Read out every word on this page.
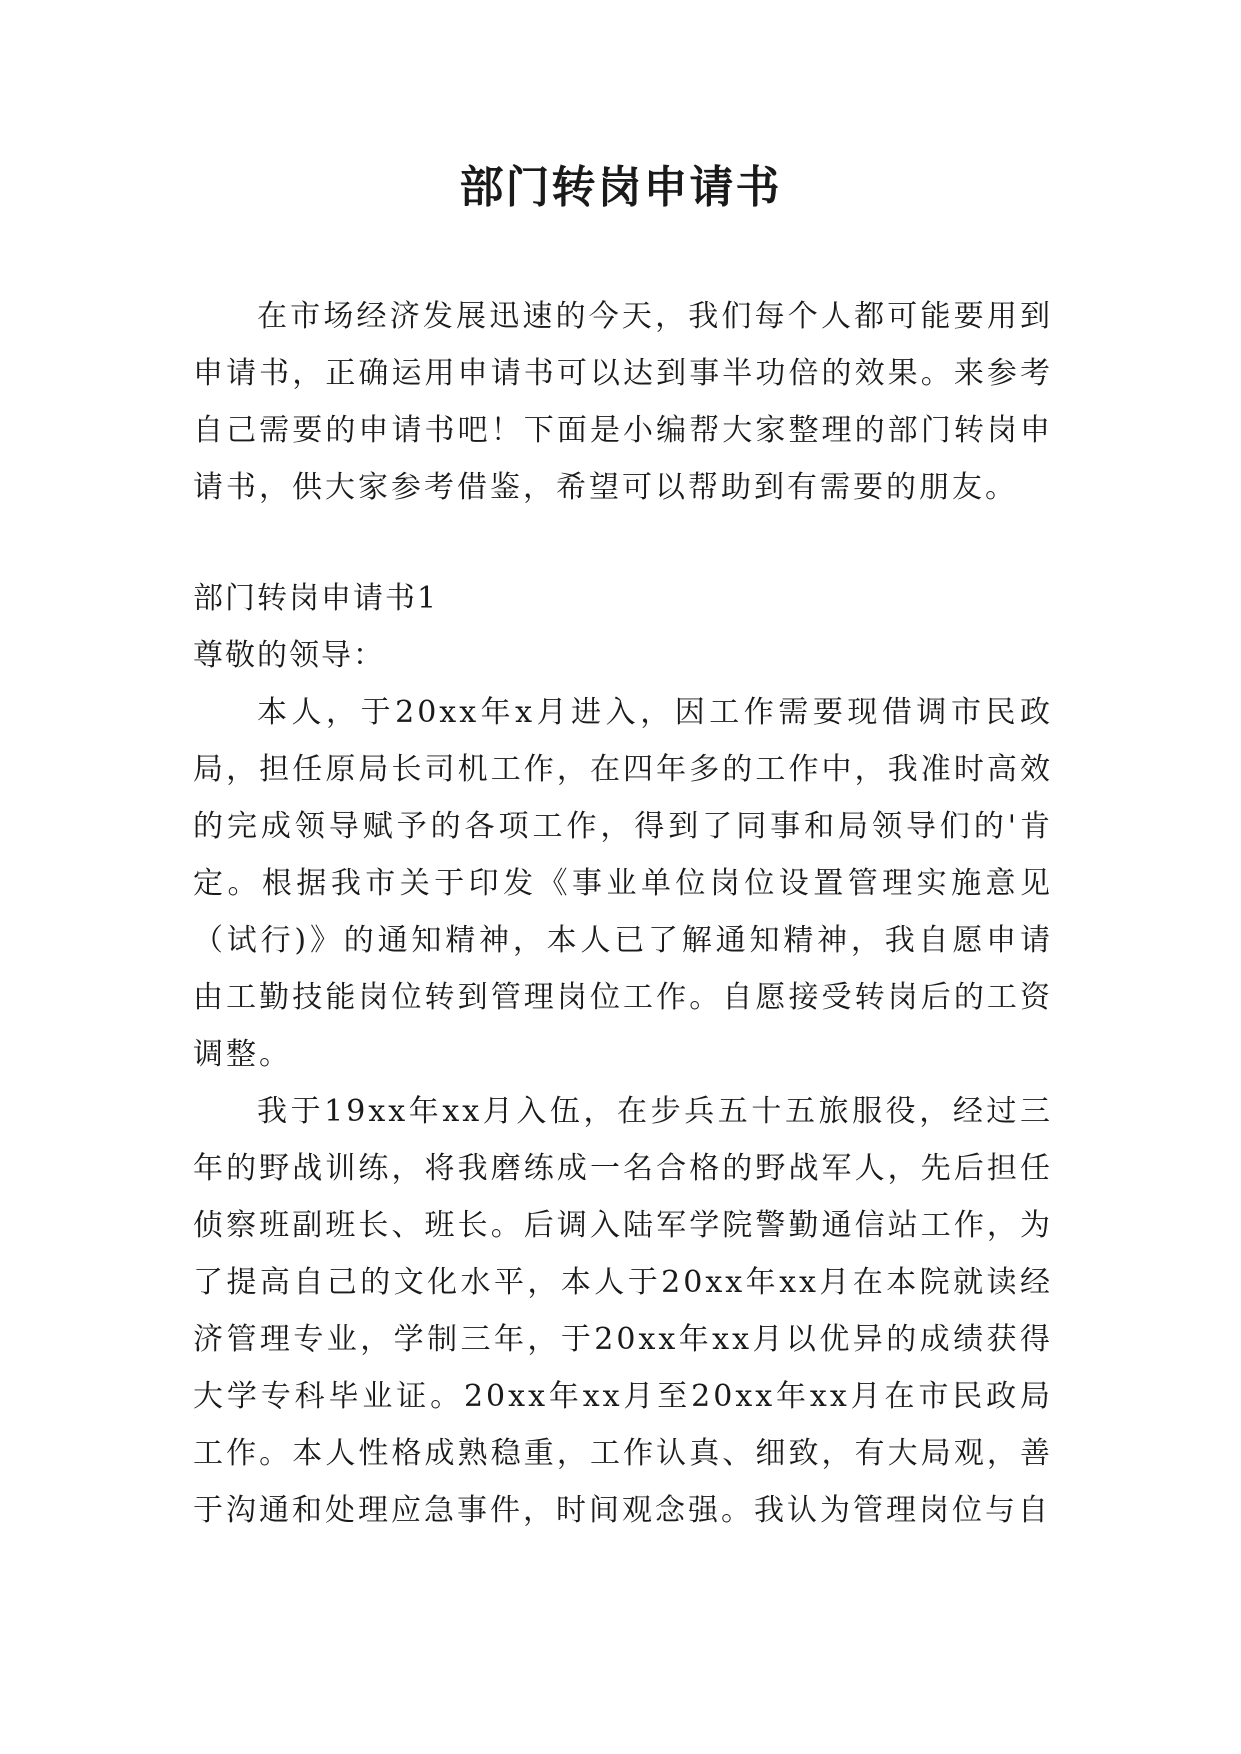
部门转岗申请书

在市场经济发展迅速的今天，我们每个人都可能要用到申请书，正确运用申请书可以达到事半功倍的效果。来参考自己需要的申请书吧！下面是小编帮大家整理的部门转岗申请书，供大家参考借鉴，希望可以帮助到有需要的朋友。

部门转岗申请书1

尊敬的领导：

本人，于20xx年x月进入，因工作需要现借调市民政局，担任原局长司机工作，在四年多的工作中，我准时高效的完成领导赋予的各项工作，得到了同事和局领导们的'肯定。根据我市关于印发《事业单位岗位设置管理实施意见（试行)》的通知精神，本人已了解通知精神，我自愿申请由工勤技能岗位转到管理岗位工作。自愿接受转岗后的工资调整。

我于19xx年xx月入伍，在步兵五十五旅服役，经过三年的野战训练，将我磨练成一名合格的野战军人，先后担任侦察班副班长、班长。后调入陆军学院警勤通信站工作，为了提高自己的文化水平，本人于20xx年xx月在本院就读经济管理专业，学制三年，于20xx年xx月以优异的成绩获得大学专科毕业证。20xx年xx月至20xx年xx月在市民政局工作。本人性格成熟稳重，工作认真、细致，有大局观，善于沟通和处理应急事件，时间观念强。我认为管理岗位与自
